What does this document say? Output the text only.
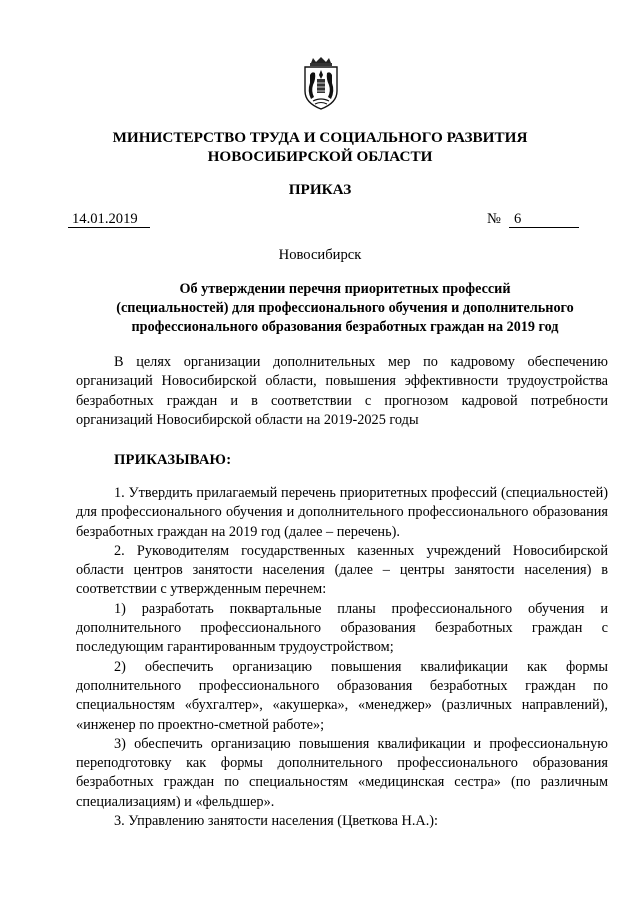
МИНИСТЕРСТВО ТРУДА И СОЦИАЛЬНОГО РАЗВИТИЯ
НОВОСИБИРСКОЙ ОБЛАСТИ
ПРИКАЗ
14.01.2019	№ 6
Новосибирск
Об утверждении перечня приоритетных профессий
(специальностей) для профессионального обучения и дополнительного
профессионального образования безработных граждан на 2019 год

В целях организации дополнительных мер по кадровому обеспечению организаций Новосибирской области, повышения эффективности трудоустройства безработных граждан и в соответствии с прогнозом кадровой потребности организаций Новосибирской области на 2019-2025 годы

ПРИКАЗЫВАЮ:

1. Утвердить прилагаемый перечень приоритетных профессий (специальностей) для профессионального обучения и дополнительного профессионального образования безработных граждан на 2019 год (далее – перечень).

2. Руководителям государственных казенных учреждений Новосибирской области центров занятости населения (далее – центры занятости населения) в соответствии с утвержденным перечнем:

1) разработать поквартальные планы профессионального обучения и дополнительного профессионального образования безработных граждан с последующим гарантированным трудоустройством;

2) обеспечить организацию повышения квалификации как формы дополнительного профессионального образования безработных граждан по специальностям «бухгалтер», «акушерка», «менеджер» (различных направлений), «инженер по проектно-сметной работе»;

3) обеспечить организацию повышения квалификации и профессиональную переподготовку как формы дополнительного профессионального образования безработных граждан по специальностям «медицинская сестра» (по различным специализациям) и «фельдшер».

3. Управлению занятости населения (Цветкова Н.А.):
